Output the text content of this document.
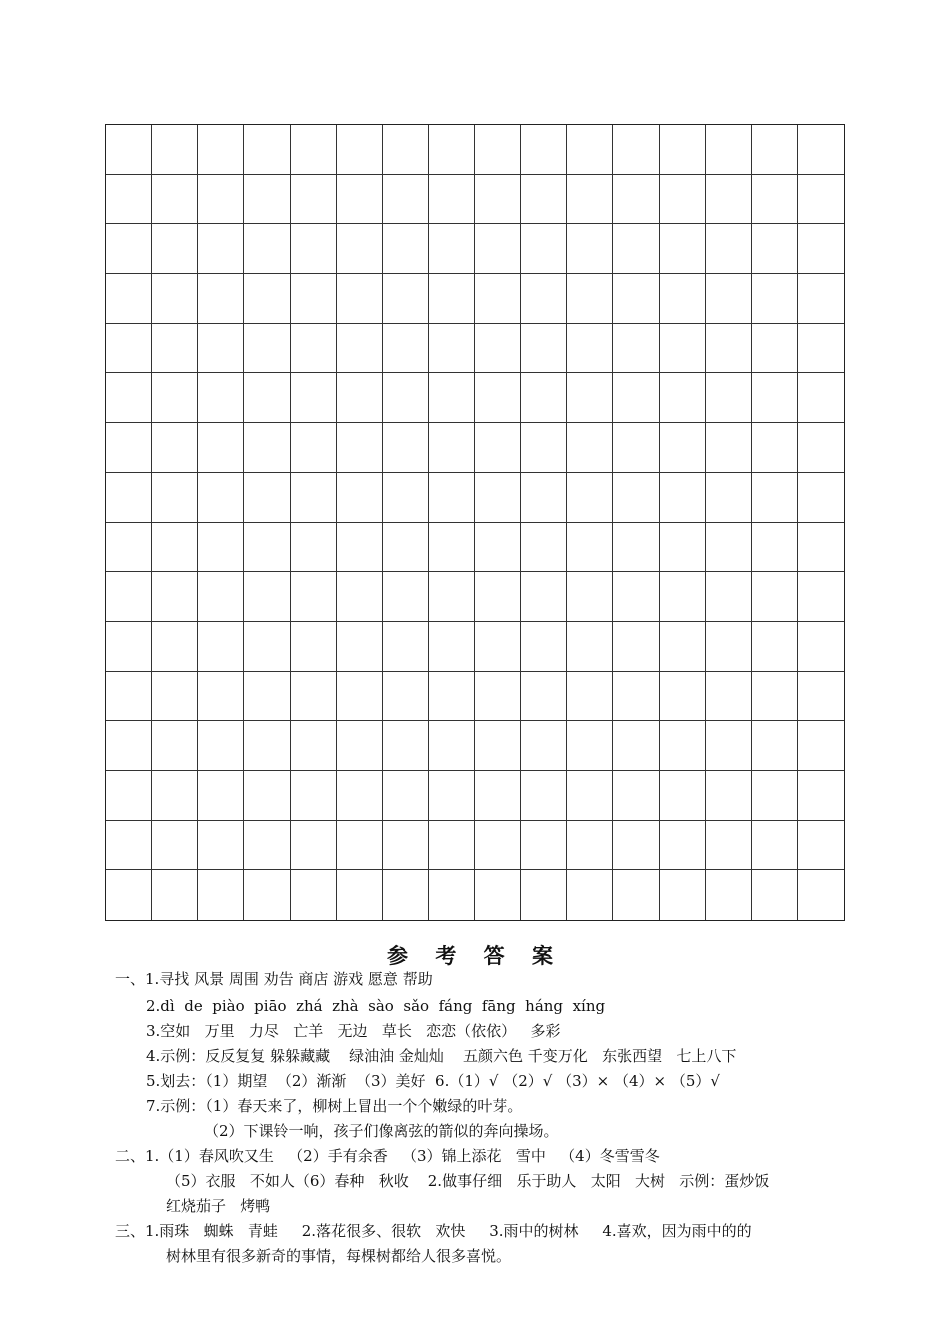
参 考 答 案
一、1.寻找 风景 周围 劝告 商店 游戏 愿意 帮助
2.dì  de  piào  piāo  zhá  zhà  sào  sǎo  fáng  fāng  háng  xíng
3.空如   万里   力尽   亡羊   无边   草长   恋恋（依依）   多彩
4.示例：反反复复 躲躲藏藏    绿油油 金灿灿    五颜六色 千变万化   东张西望   七上八下
5.划去：（1）期望  （2）渐渐  （3）美好  6.（1）√ （2）√ （3）× （4）× （5）√
7.示例：（1）春天来了，柳树上冒出一个个嫩绿的叶芽。
（2）下课铃一响，孩子们像离弦的箭似的奔向操场。
二、1.（1）春风吹又生   （2）手有余香   （3）锦上添花   雪中   （4）冬雪雪冬
（5）衣服   不如人（6）春种   秋收    2.做事仔细   乐于助人   太阳   大树   示例：蛋炒饭
红烧茄子   烤鸭
三、1.雨珠   蜘蛛   青蛙     2.落花很多、很软   欢快     3.雨中的树林     4.喜欢，因为雨中的的
树林里有很多新奇的事情，每棵树都给人很多喜悦。
